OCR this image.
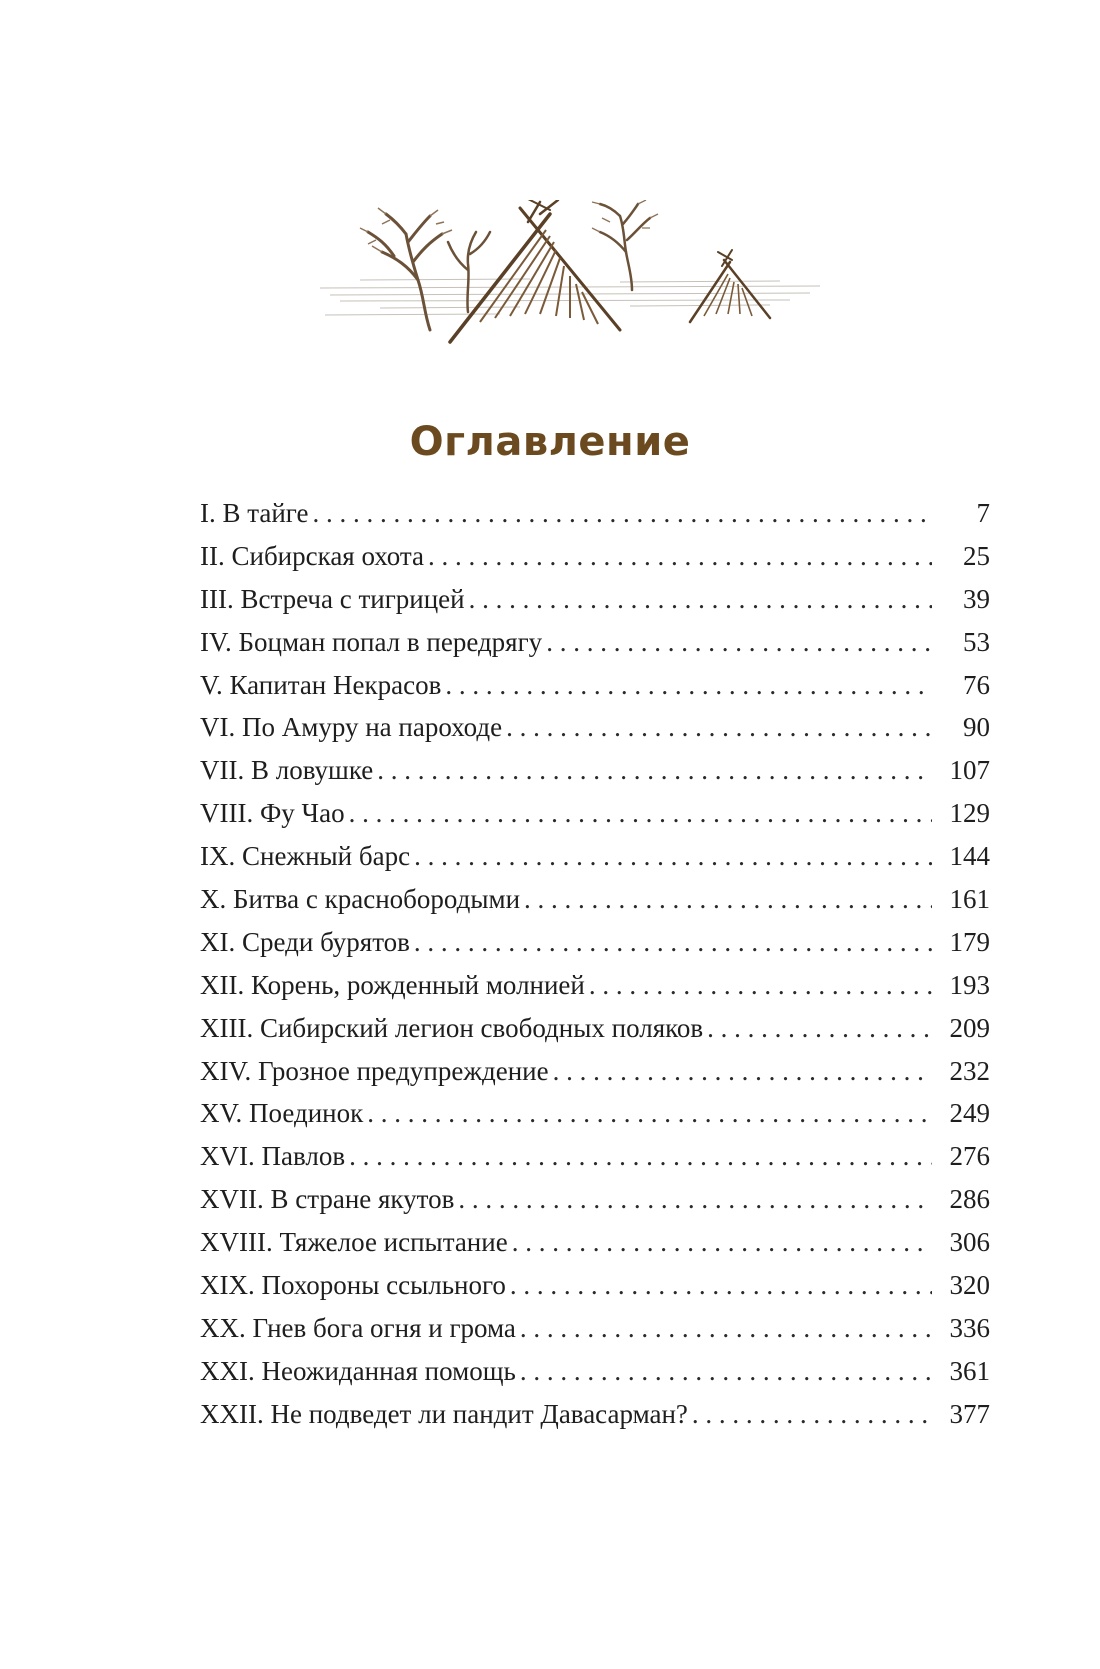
Оглавление
I. В тайге . . .	7
II. Сибирская охота . . .	25
III. Встреча с тигрицей . . .	39
IV. Боцман попал в передрягу . . .	53
V. Капитан Некрасов . . .	76
VI. По Амуру на пароходе . . .	90
VII. В ловушке . . .	107
VIII. Фу Чао . . .	129
IX. Снежный барс . . .	144
X. Битва с краснобородыми . . .	161
XI. Среди бурятов . . .	179
XII. Корень, рожденный молнией . . .	193
XIII. Сибирский легион свободных поляков . . .	209
XIV. Грозное предупреждение . . .	232
XV. Поединок . . .	249
XVI. Павлов . . .	276
XVII. В стране якутов . . .	286
XVIII. Тяжелое испытание . . .	306
XIX. Похороны ссыльного . . .	320
XX. Гнев бога огня и грома . . .	336
XXI. Неожиданная помощь . . .	361
XXII. Не подведет ли пандит Давасарман? . . .	377
